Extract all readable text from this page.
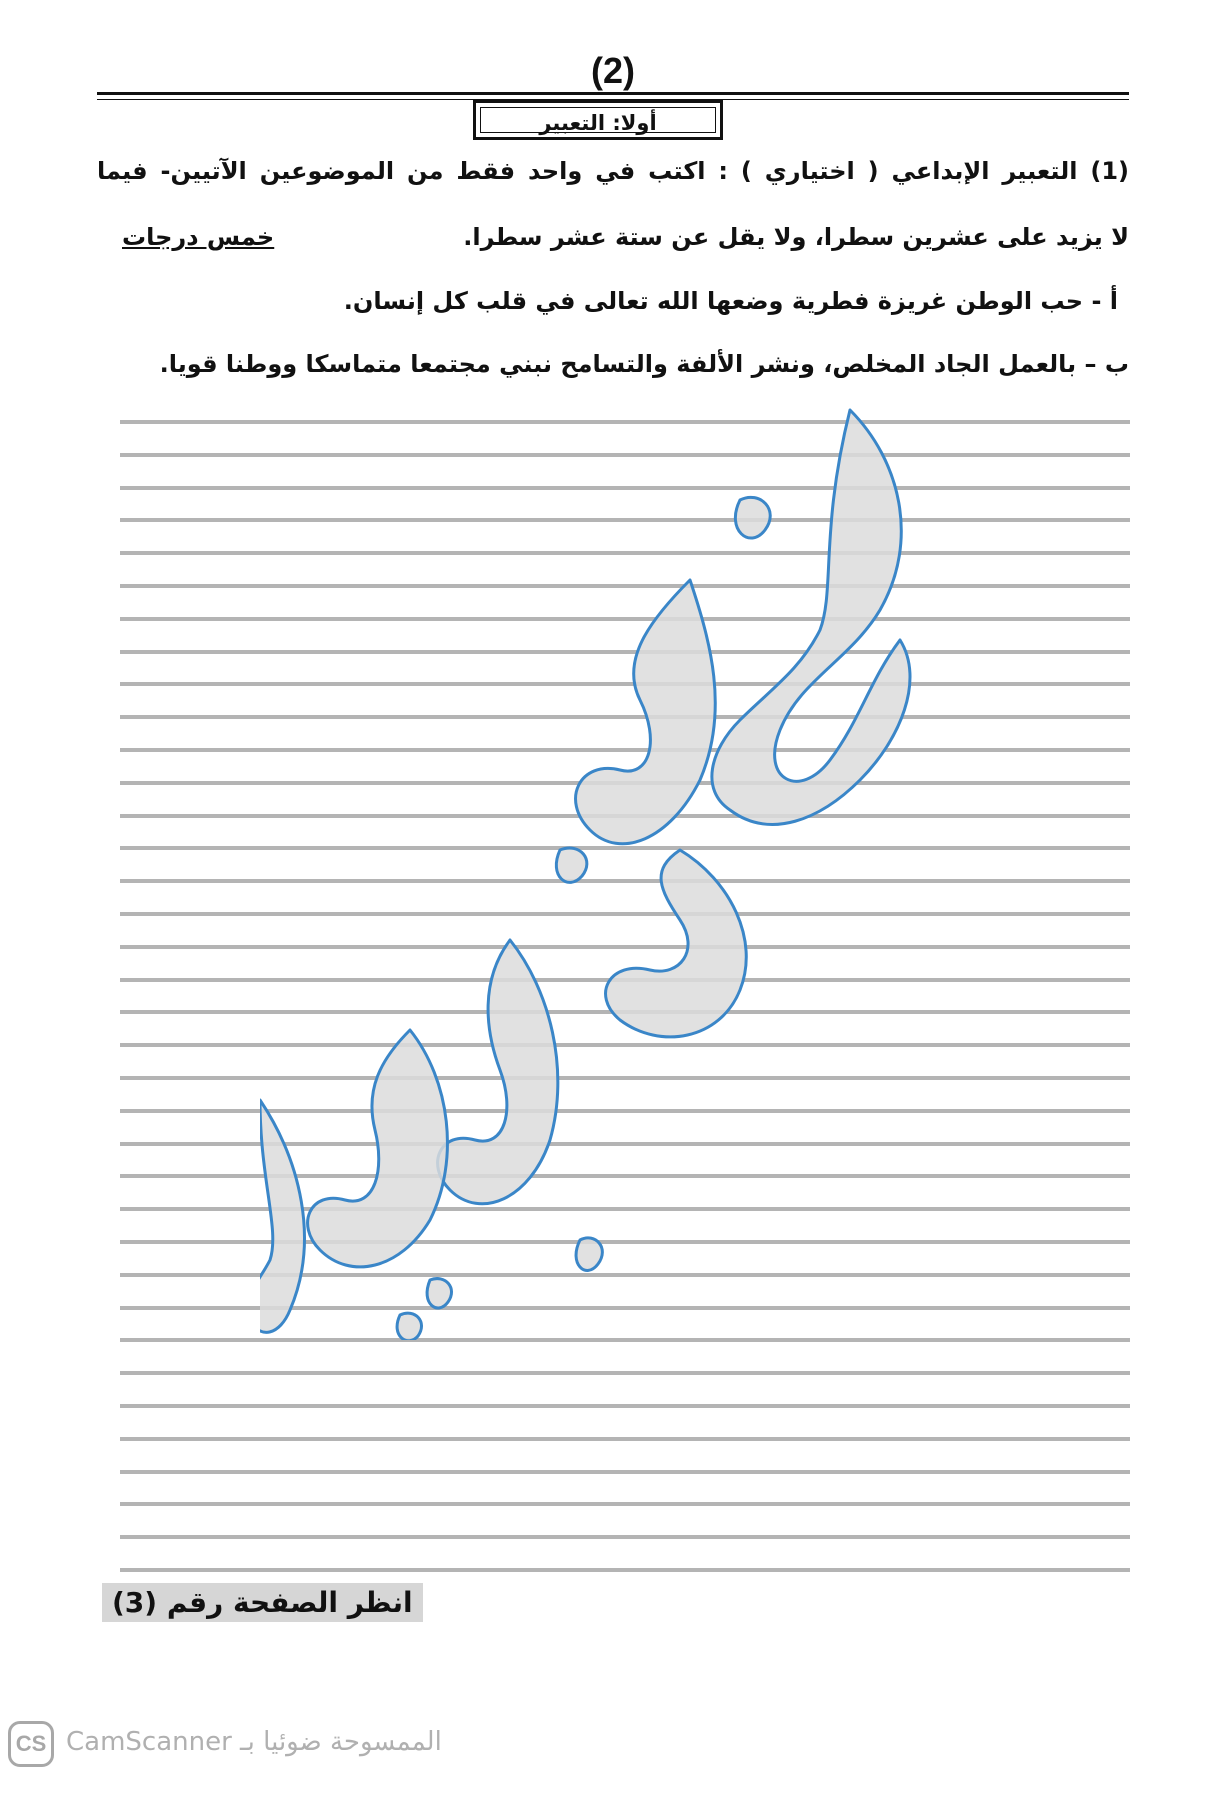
(2)
أولا: التعبير
(1) التعبير الإبداعي ( اختياري ) : اكتب في واحد فقط من الموضوعين الآتيين- فيما
لا يزيد على عشرين سطرا، ولا يقل عن ستة عشر سطرا.
خمس درجات
أ - حب الوطن غريزة فطرية وضعها الله تعالى في قلب كل إنسان.
ب – بالعمل الجاد المخلص، ونشر الألفة والتسامح نبني مجتمعا متماسكا ووطنا قويا.
انظر الصفحة رقم (3)
CS الممسوحة ضوئيا بـ CamScanner
